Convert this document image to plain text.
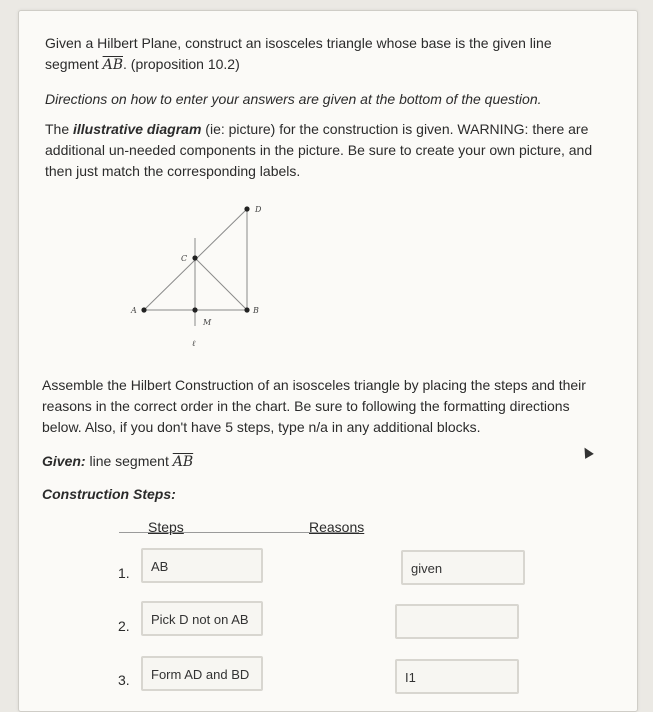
Given a Hilbert Plane, construct an isosceles triangle whose base is the given line
segment $\overline{AB}$. (proposition 10.2)

Directions on how to enter your answers are given at the bottom of the question.

The illustrative diagram (ie: picture) for the construction is given. WARNING: there are
additional un-needed components in the picture. Be sure to create your own picture, and
then just match the corresponding labels.

A	B
C
D
M
ℓ

Assemble the Hilbert Construction of an isosceles triangle by placing the steps and their
reasons in the correct order in the chart. Be sure to following the formatting directions
below. Also, if you don't have 5 steps, type n/a in any additional blocks.

Given: line segment $\overline{AB}$

Construction Steps:

Steps	Reasons
1.	AB	given
2.	Pick D not on AB
3.	Form AD and BD	I1
